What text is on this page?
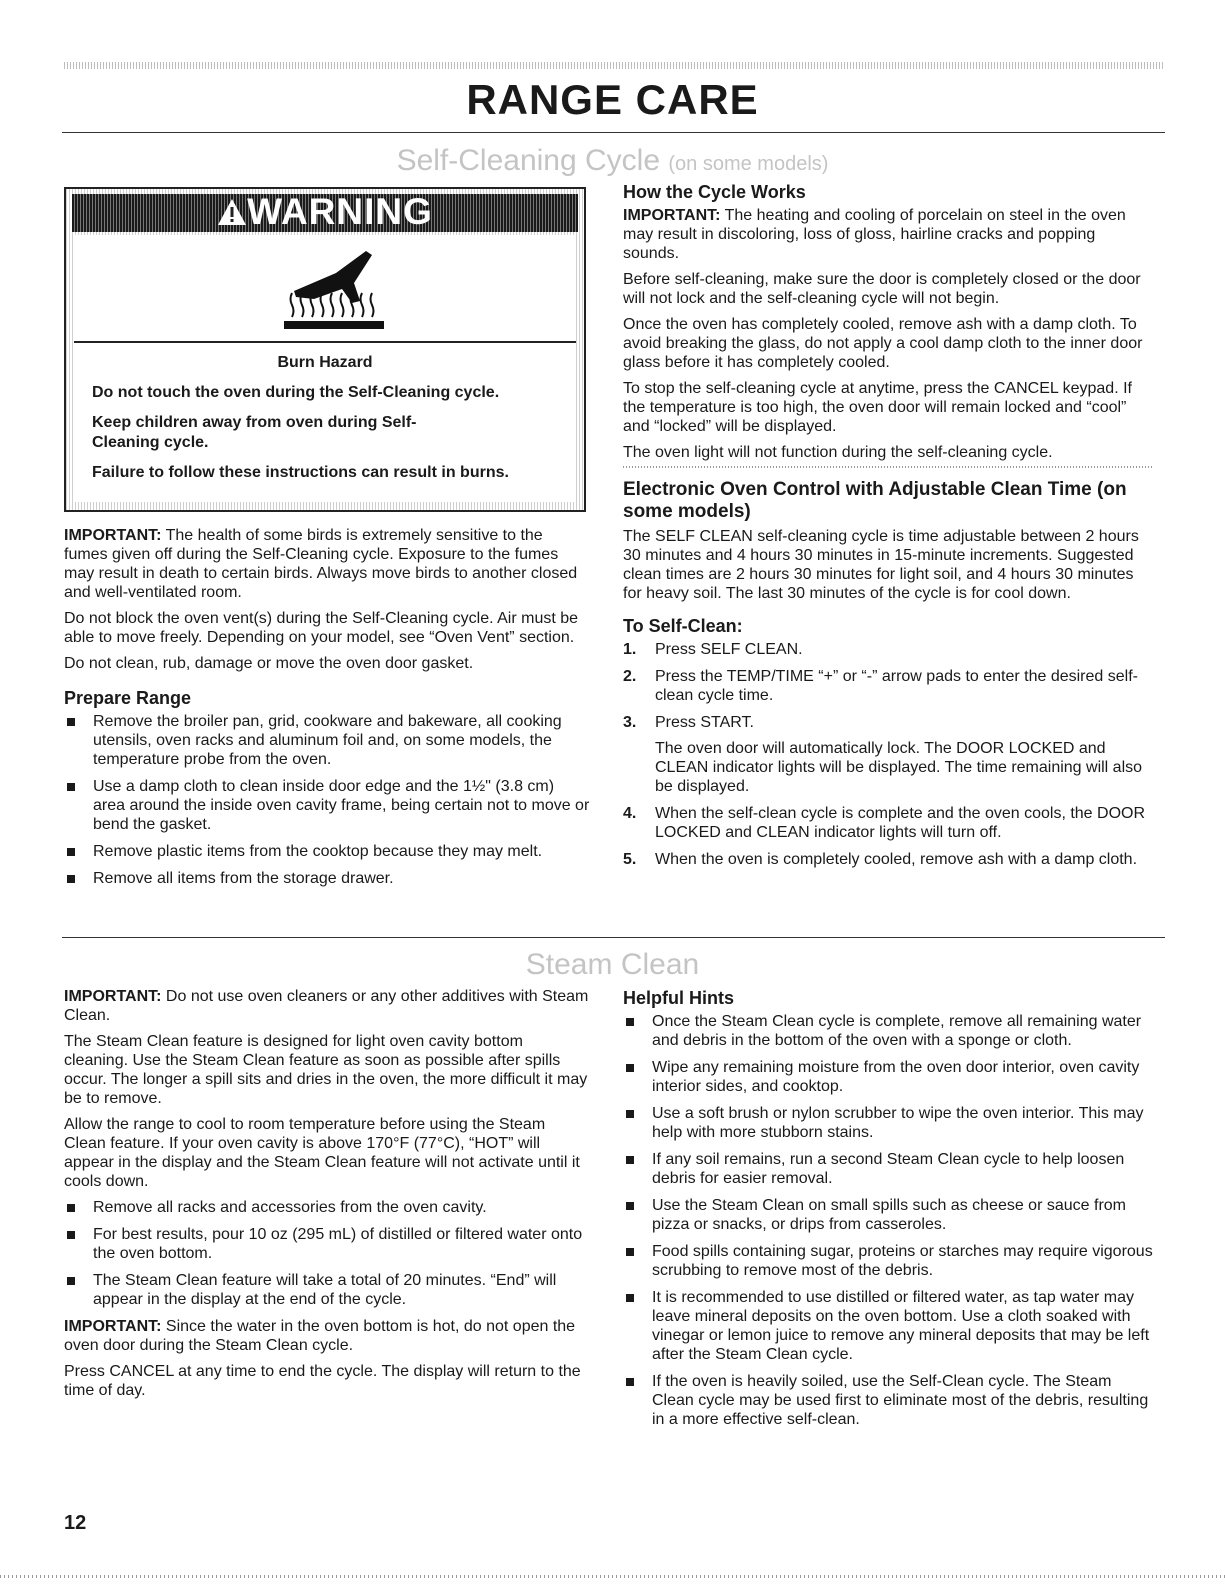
RANGE CARE
Self-Cleaning Cycle (on some models)

Burn Hazard

Do not touch the oven during the Self-Cleaning cycle.

Keep children away from oven during Self-Cleaning cycle.

Failure to follow these instructions can result in burns.

WARNING

IMPORTANT: The health of some birds is extremely sensitive to the fumes given off during the Self-Cleaning cycle. Exposure to the fumes may result in death to certain birds. Always move birds to another closed and well-ventilated room.

Do not block the oven vent(s) during the Self-Cleaning cycle. Air must be able to move freely. Depending on your model, see “Oven Vent” section.

Do not clean, rub, damage or move the oven door gasket.

Prepare Range
Remove the broiler pan, grid, cookware and bakeware, all cooking utensils, oven racks and aluminum foil and, on some models, the temperature probe from the oven.
Use a damp cloth to clean inside door edge and the 1½" (3.8 cm) area around the inside oven cavity frame, being certain not to move or bend the gasket.
Remove plastic items from the cooktop because they may melt.
Remove all items from the storage drawer.
How the Cycle Works

IMPORTANT: The heating and cooling of porcelain on steel in the oven may result in discoloring, loss of gloss, hairline cracks and popping sounds.

Before self-cleaning, make sure the door is completely closed or the door will not lock and the self-cleaning cycle will not begin.

Once the oven has completely cooled, remove ash with a damp cloth. To avoid breaking the glass, do not apply a cool damp cloth to the inner door glass before it has completely cooled.

To stop the self-cleaning cycle at anytime, press the CANCEL keypad. If the temperature is too high, the oven door will remain locked and “cool” and “locked” will be displayed.

The oven light will not function during the self-cleaning cycle.

Electronic Oven Control with Adjustable Clean Time (on some models)

The SELF CLEAN self-cleaning cycle is time adjustable between 2 hours 30 minutes and 4 hours 30 minutes in 15-minute increments. Suggested clean times are 2 hours 30 minutes for light soil, and 4 hours 30 minutes for heavy soil. The last 30 minutes of the cycle is for cool down.

To Self-Clean:
1. Press SELF CLEAN.
2. Press the TEMP/TIME “+” or “-” arrow pads to enter the desired self-clean cycle time.
3. Press START.
The oven door will automatically lock. The DOOR LOCKED and CLEAN indicator lights will be displayed. The time remaining will also be displayed.
4. When the self-clean cycle is complete and the oven cools, the DOOR LOCKED and CLEAN indicator lights will turn off.
5. When the oven is completely cooled, remove ash with a damp cloth.
Steam Clean

IMPORTANT: Do not use oven cleaners or any other additives with Steam Clean.

The Steam Clean feature is designed for light oven cavity bottom cleaning. Use the Steam Clean feature as soon as possible after spills occur. The longer a spill sits and dries in the oven, the more difficult it may be to remove.

Allow the range to cool to room temperature before using the Steam Clean feature. If your oven cavity is above 170°F (77°C), “HOT” will appear in the display and the Steam Clean feature will not activate until it cools down.

Remove all racks and accessories from the oven cavity.
For best results, pour 10 oz (295 mL) of distilled or filtered water onto the oven bottom.
The Steam Clean feature will take a total of 20 minutes. “End” will appear in the display at the end of the cycle.

IMPORTANT: Since the water in the oven bottom is hot, do not open the oven door during the Steam Clean cycle.

Press CANCEL at any time to end the cycle. The display will return to the time of day.

Helpful Hints
Once the Steam Clean cycle is complete, remove all remaining water and debris in the bottom of the oven with a sponge or cloth.
Wipe any remaining moisture from the oven door interior, oven cavity interior sides, and cooktop.
Use a soft brush or nylon scrubber to wipe the oven interior. This may help with more stubborn stains.
If any soil remains, run a second Steam Clean cycle to help loosen debris for easier removal.
Use the Steam Clean on small spills such as cheese or sauce from pizza or snacks, or drips from casseroles.
Food spills containing sugar, proteins or starches may require vigorous scrubbing to remove most of the debris.
It is recommended to use distilled or filtered water, as tap water may leave mineral deposits on the oven bottom. Use a cloth soaked with vinegar or lemon juice to remove any mineral deposits that may be left after the Steam Clean cycle.
If the oven is heavily soiled, use the Self-Clean cycle. The Steam Clean cycle may be used first to eliminate most of the debris, resulting in a more effective self-clean.
12
